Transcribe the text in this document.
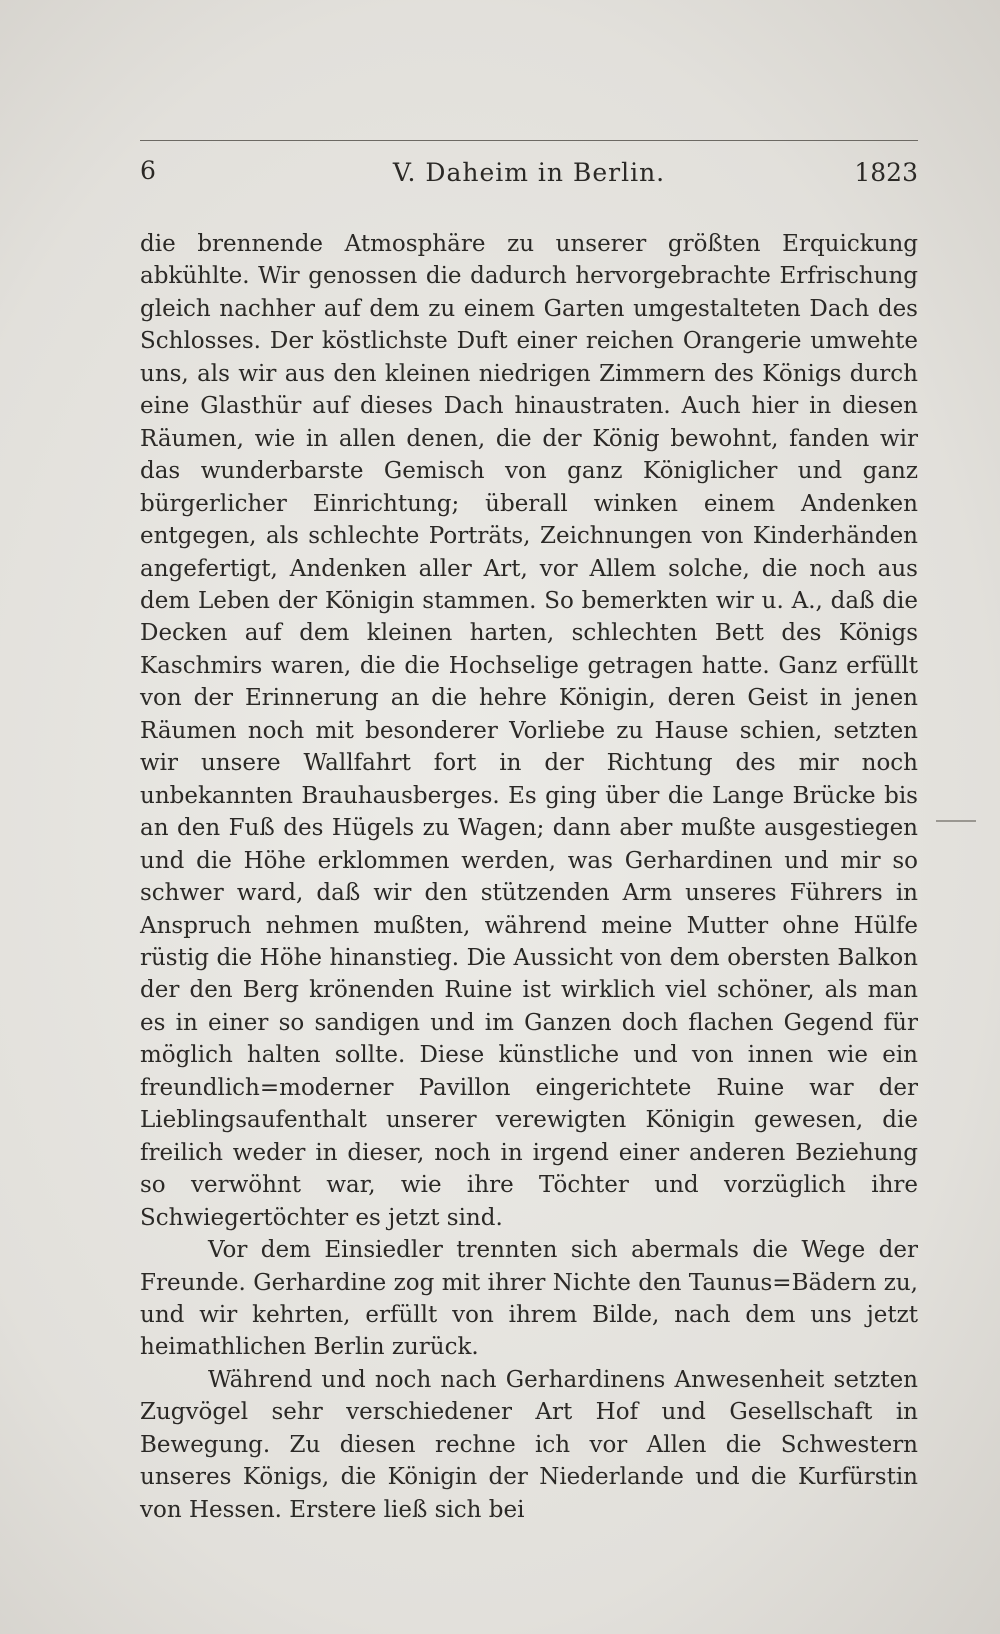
6	V. Daheim in Berlin.	1823

die brennende Atmosphäre zu unserer größten Erquickung abkühlte. Wir genossen die dadurch hervorgebrachte Erfrischung gleich nachher auf dem zu einem Garten umgestalteten Dach des Schlosses. Der köstlichste Duft einer reichen Orangerie umwehte uns, als wir aus den kleinen niedrigen Zimmern des Königs durch eine Glasthür auf dieses Dach hinaustraten. Auch hier in diesen Räumen, wie in allen denen, die der König bewohnt, fanden wir das wunderbarste Gemisch von ganz Königlicher und ganz bürgerlicher Einrichtung; überall winken einem Andenken entgegen, als schlechte Porträts, Zeichnungen von Kinderhänden angefertigt, Andenken aller Art, vor Allem solche, die noch aus dem Leben der Königin stammen. So bemerkten wir u. A., daß die Decken auf dem kleinen harten, schlechten Bett des Königs Kaschmirs waren, die die Hochselige getragen hatte. Ganz erfüllt von der Erinnerung an die hehre Königin, deren Geist in jenen Räumen noch mit besonderer Vorliebe zu Hause schien, setzten wir unsere Wallfahrt fort in der Richtung des mir noch unbekannten Brauhausberges. Es ging über die Lange Brücke bis an den Fuß des Hügels zu Wagen; dann aber mußte ausgestiegen und die Höhe erklommen werden, was Gerhardinen und mir so schwer ward, daß wir den stützenden Arm unseres Führers in Anspruch nehmen mußten, während meine Mutter ohne Hülfe rüstig die Höhe hinanstieg. Die Aussicht von dem obersten Balkon der den Berg krönenden Ruine ist wirklich viel schöner, als man es in einer so sandigen und im Ganzen doch flachen Gegend für möglich halten sollte. Diese künstliche und von innen wie ein freundlich=moderner Pavillon eingerichtete Ruine war der Lieblingsaufenthalt unserer verewigten Königin gewesen, die freilich weder in dieser, noch in irgend einer anderen Beziehung so verwöhnt war, wie ihre Töchter und vorzüglich ihre Schwiegertöchter es jetzt sind.

Vor dem Einsiedler trennten sich abermals die Wege der Freunde. Gerhardine zog mit ihrer Nichte den Taunus=Bädern zu, und wir kehrten, erfüllt von ihrem Bilde, nach dem uns jetzt heimathlichen Berlin zurück.

Während und noch nach Gerhardinens Anwesenheit setzten Zugvögel sehr verschiedener Art Hof und Gesellschaft in Bewegung. Zu diesen rechne ich vor Allen die Schwestern unseres Königs, die Königin der Niederlande und die Kurfürstin von Hessen. Erstere ließ sich bei
